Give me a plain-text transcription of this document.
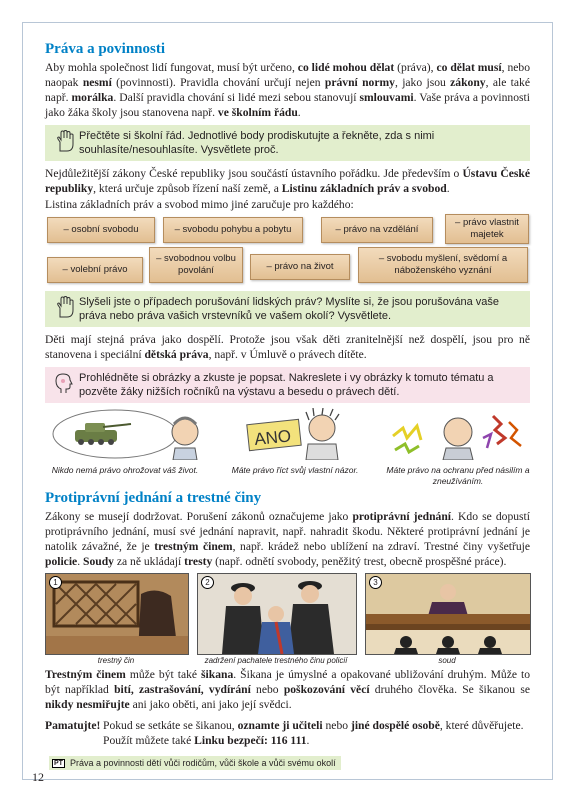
Práva a povinnosti

Aby mohla společnost lidí fungovat, musí být určeno, co lidé mohou dělat (práva), co dělat musí, nebo naopak nesmí (povinnosti). Pravidla chování určují nejen právní normy, jako jsou zákony, ale také např. morálka. Další pravidla chování si lidé mezi sebou stanovují smlouvami. Vaše práva a povinnosti jako žáka školy jsou stanovena např. ve školním řádu.

Přečtěte si školní řád. Jednotlivé body prodiskutujte a řekněte, zda s nimi souhlasíte/nesouhlasíte. Vysvětlete proč.

Nejdůležitější zákony České republiky jsou součástí ústavního pořádku. Jde především o Ústavu České republiky, která určuje způsob řízení naší země, a Listinu základních práv a svobod.

Listina základních práv a svobod mimo jiné zaručuje pro každého:

– osobní svobodu	– svobodu pohybu a pobytu	– právo na vzdělání
– právo vlastnit majetek
– volební právo
– svobodnou volbu povolání	– právo na život
– svobodu myšlení, svědomí a náboženského vyznání
Slyšeli jste o případech porušování lidských práv? Myslíte si, že jsou porušována vaše práva nebo práva vašich vrstevníků ve vašem okolí? Vysvětlete.

Děti mají stejná práva jako dospělí. Protože jsou však děti zranitelnější než dospělí, jsou pro ně stanovena i speciální dětská práva, např. v Úmluvě o právech dítěte.

Prohlédněte si obrázky a zkuste je popsat. Nakreslete i vy obrázky k tomuto tématu a pozvěte žáky nižších ročníků na výstavu a besedu o právech dětí.
Nikdo nemá právo ohrožovat váš život.
ANO
Máte právo říct svůj vlastní názor.	Máte právo na ochranu před násilím a zneužíváním.
Protiprávní jednání a trestné činy

Zákony se musejí dodržovat. Porušení zákonů označujeme jako protiprávní jednání. Kdo se dopustí protiprávního jednání, musí své jednání napravit, např. nahradit škodu. Některé protiprávní jednání je natolik závažné, že je trestným činem, např. krádež nebo ublížení na zdraví. Trestné činy vyšetřuje policie. Soudy za ně ukládají tresty (např. odnětí svobody, peněžitý trest, obecně prospěšné práce).

1	2	3
trestný čin	zadržení pachatele trestného činu policií	soud

Trestným činem může být také šikana. Šikana je úmyslné a opakované ubližování druhým. Může to být například bití, zastrašování, vydírání nebo poškozování věcí druhého člověka. Se šikanou se nikdy nesmiřujte ani jako oběti, ani jako její svědci.

Pamatujte! Pokud se setkáte se šikanou, oznamte ji učiteli nebo jiné dospělé osobě, které důvěřujete.
Použít můžete také Linku bezpečí: 116 111.
PT Práva a povinnosti dětí vůči rodičům, vůči škole a vůči svému okolí
12
